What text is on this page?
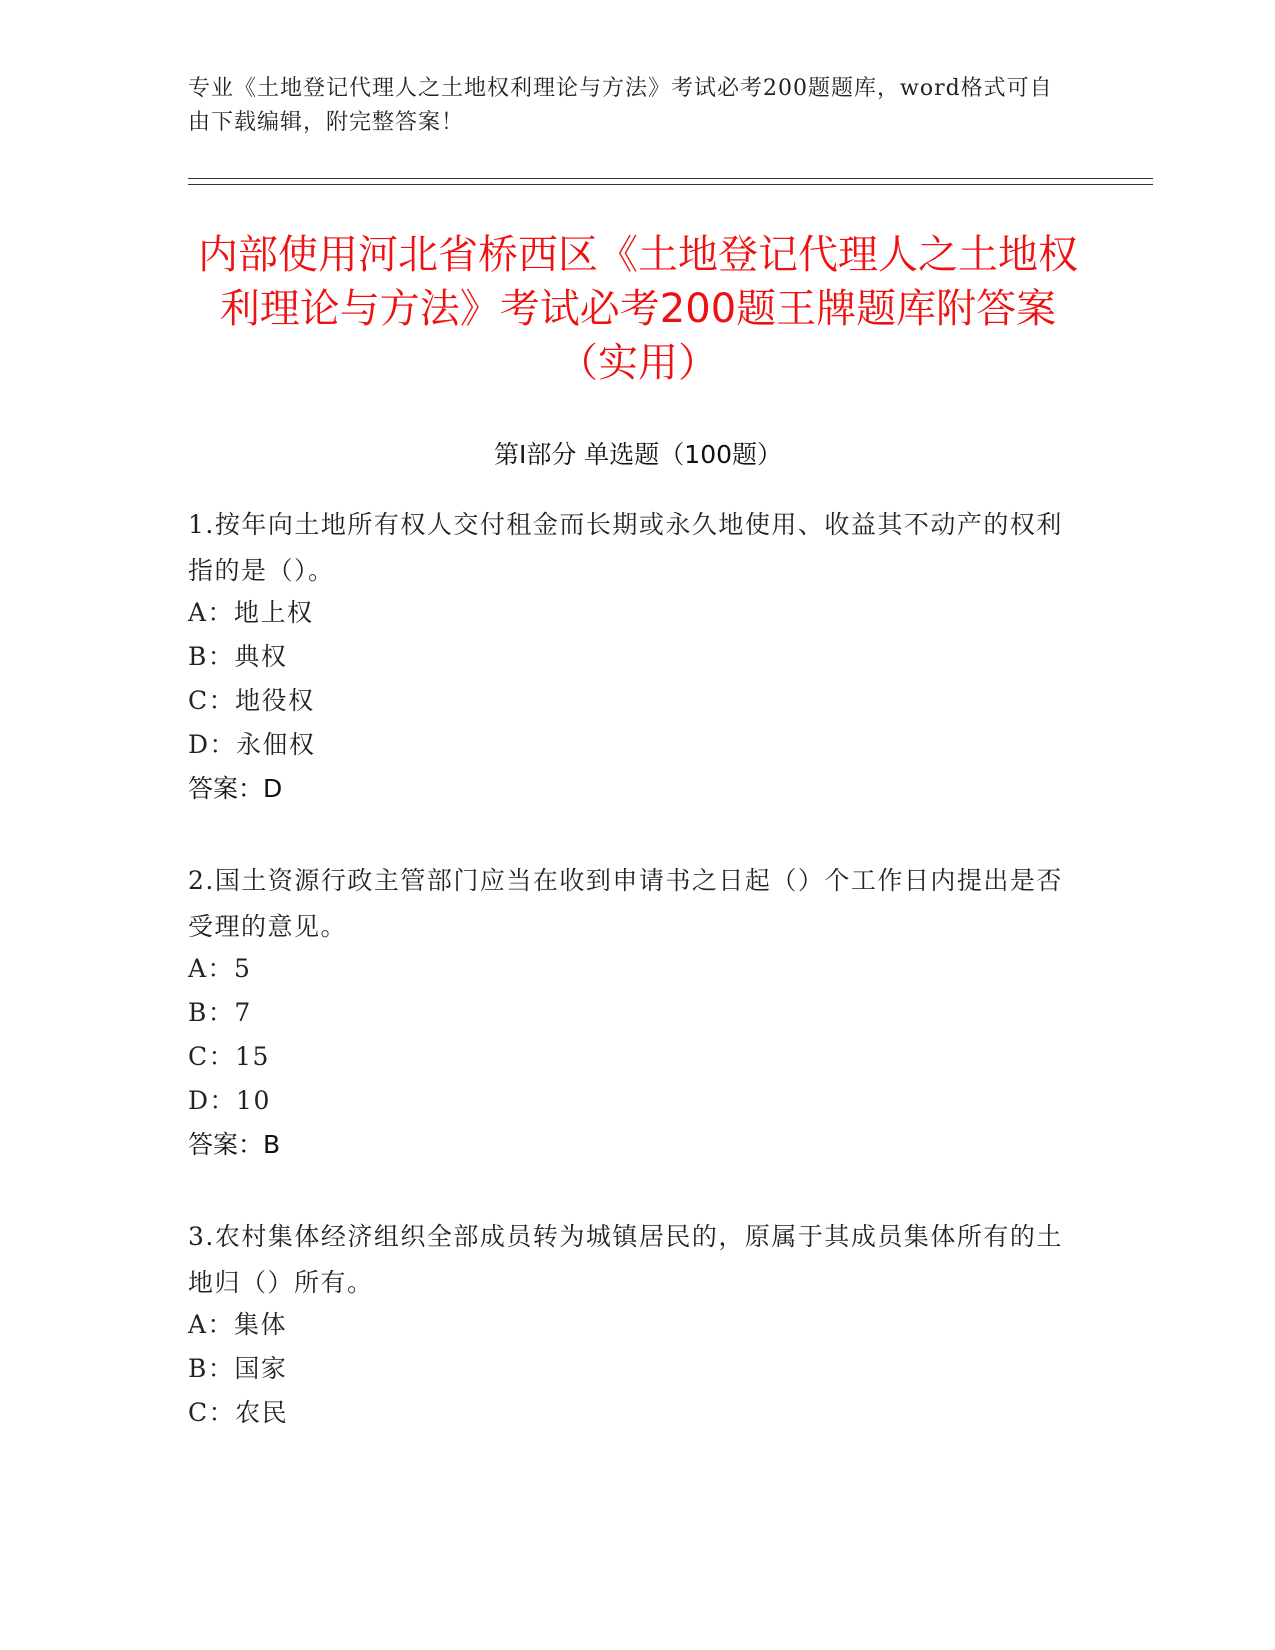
专业《土地登记代理人之土地权利理论与方法》考试必考200题题库，word格式可自由下载编辑，附完整答案！
内部使用河北省桥西区《土地登记代理人之土地权利理论与方法》考试必考200题王牌题库附答案（实用）
第Ⅰ部分 单选题（100题）
1.按年向土地所有权人交付租金而长期或永久地使用、收益其不动产的权利指的是（）。
A：地上权
B：典权
C：地役权
D：永佃权
答案：D
2.国土资源行政主管部门应当在收到申请书之日起（）个工作日内提出是否受理的意见。
A：5
B：7
C：15
D：10
答案：B
3.农村集体经济组织全部成员转为城镇居民的，原属于其成员集体所有的土地归（）所有。
A：集体
B：国家
C：农民
